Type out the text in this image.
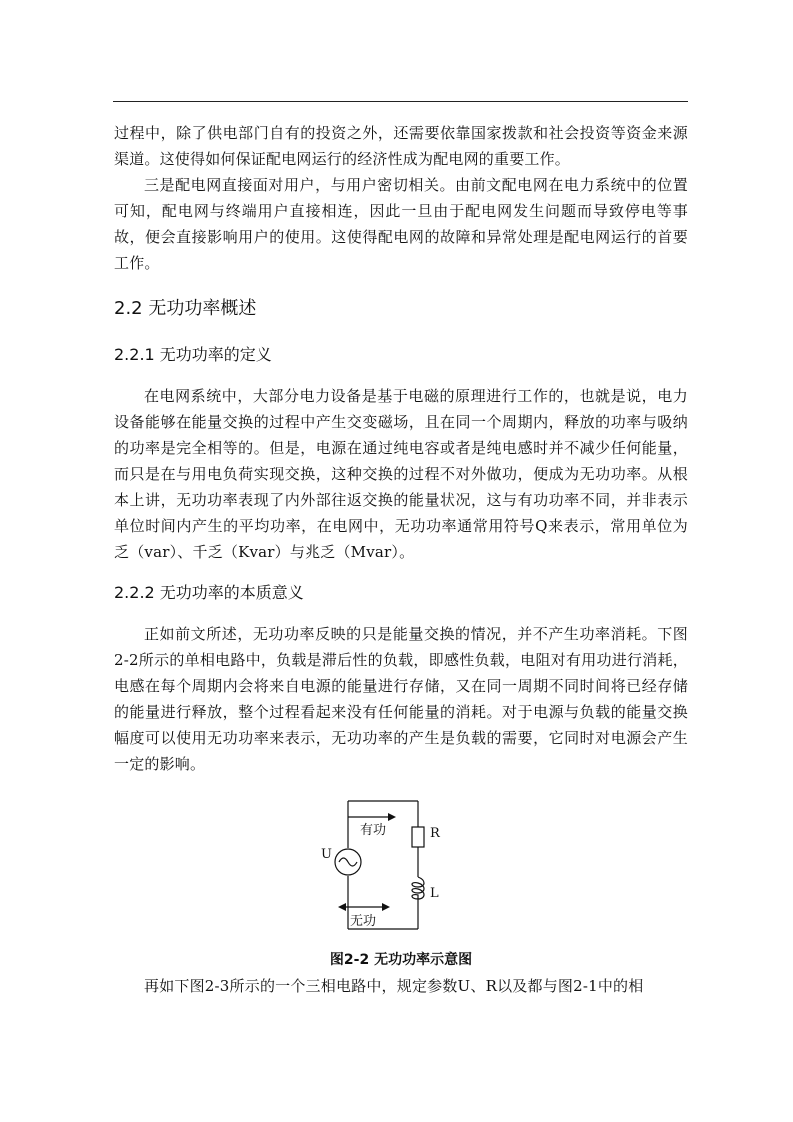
过程中，除了供电部门自有的投资之外，还需要依靠国家拨款和社会投资等资金来源渠道。这使得如何保证配电网运行的经济性成为配电网的重要工作。

三是配电网直接面对用户，与用户密切相关。由前文配电网在电力系统中的位置可知，配电网与终端用户直接相连，因此一旦由于配电网发生问题而导致停电等事故，便会直接影响用户的使用。这使得配电网的故障和异常处理是配电网运行的首要工作。

2.2 无功功率概述
2.2.1 无功功率的定义

在电网系统中，大部分电力设备是基于电磁的原理进行工作的，也就是说，电力设备能够在能量交换的过程中产生交变磁场，且在同一个周期内，释放的功率与吸纳的功率是完全相等的。但是，电源在通过纯电容或者是纯电感时并不减少任何能量，而只是在与用电负荷实现交换，这种交换的过程不对外做功，便成为无功功率。从根本上讲，无功功率表现了内外部往返交换的能量状况，这与有功功率不同，并非表示单位时间内产生的平均功率，在电网中，无功功率通常用符号Q来表示，常用单位为乏（var）、千乏（Kvar）与兆乏（Mvar）。

2.2.2 无功功率的本质意义

正如前文所述，无功功率反映的只是能量交换的情况，并不产生功率消耗。下图2-2所示的单相电路中，负载是滞后性的负载，即感性负载，电阻对有用功进行消耗，电感在每个周期内会将来自电源的能量进行存储，又在同一周期不同时间将已经存储的能量进行释放，整个过程看起来没有任何能量的消耗。对于电源与负载的能量交换幅度可以使用无功功率来表示，无功功率的产生是负载的需要，它同时对电源会产生一定的影响。

U
R
L
有功
无功

图2-2 无功功率示意图

再如下图2-3所示的一个三相电路中，规定参数U、R以及都与图2-1中的相
